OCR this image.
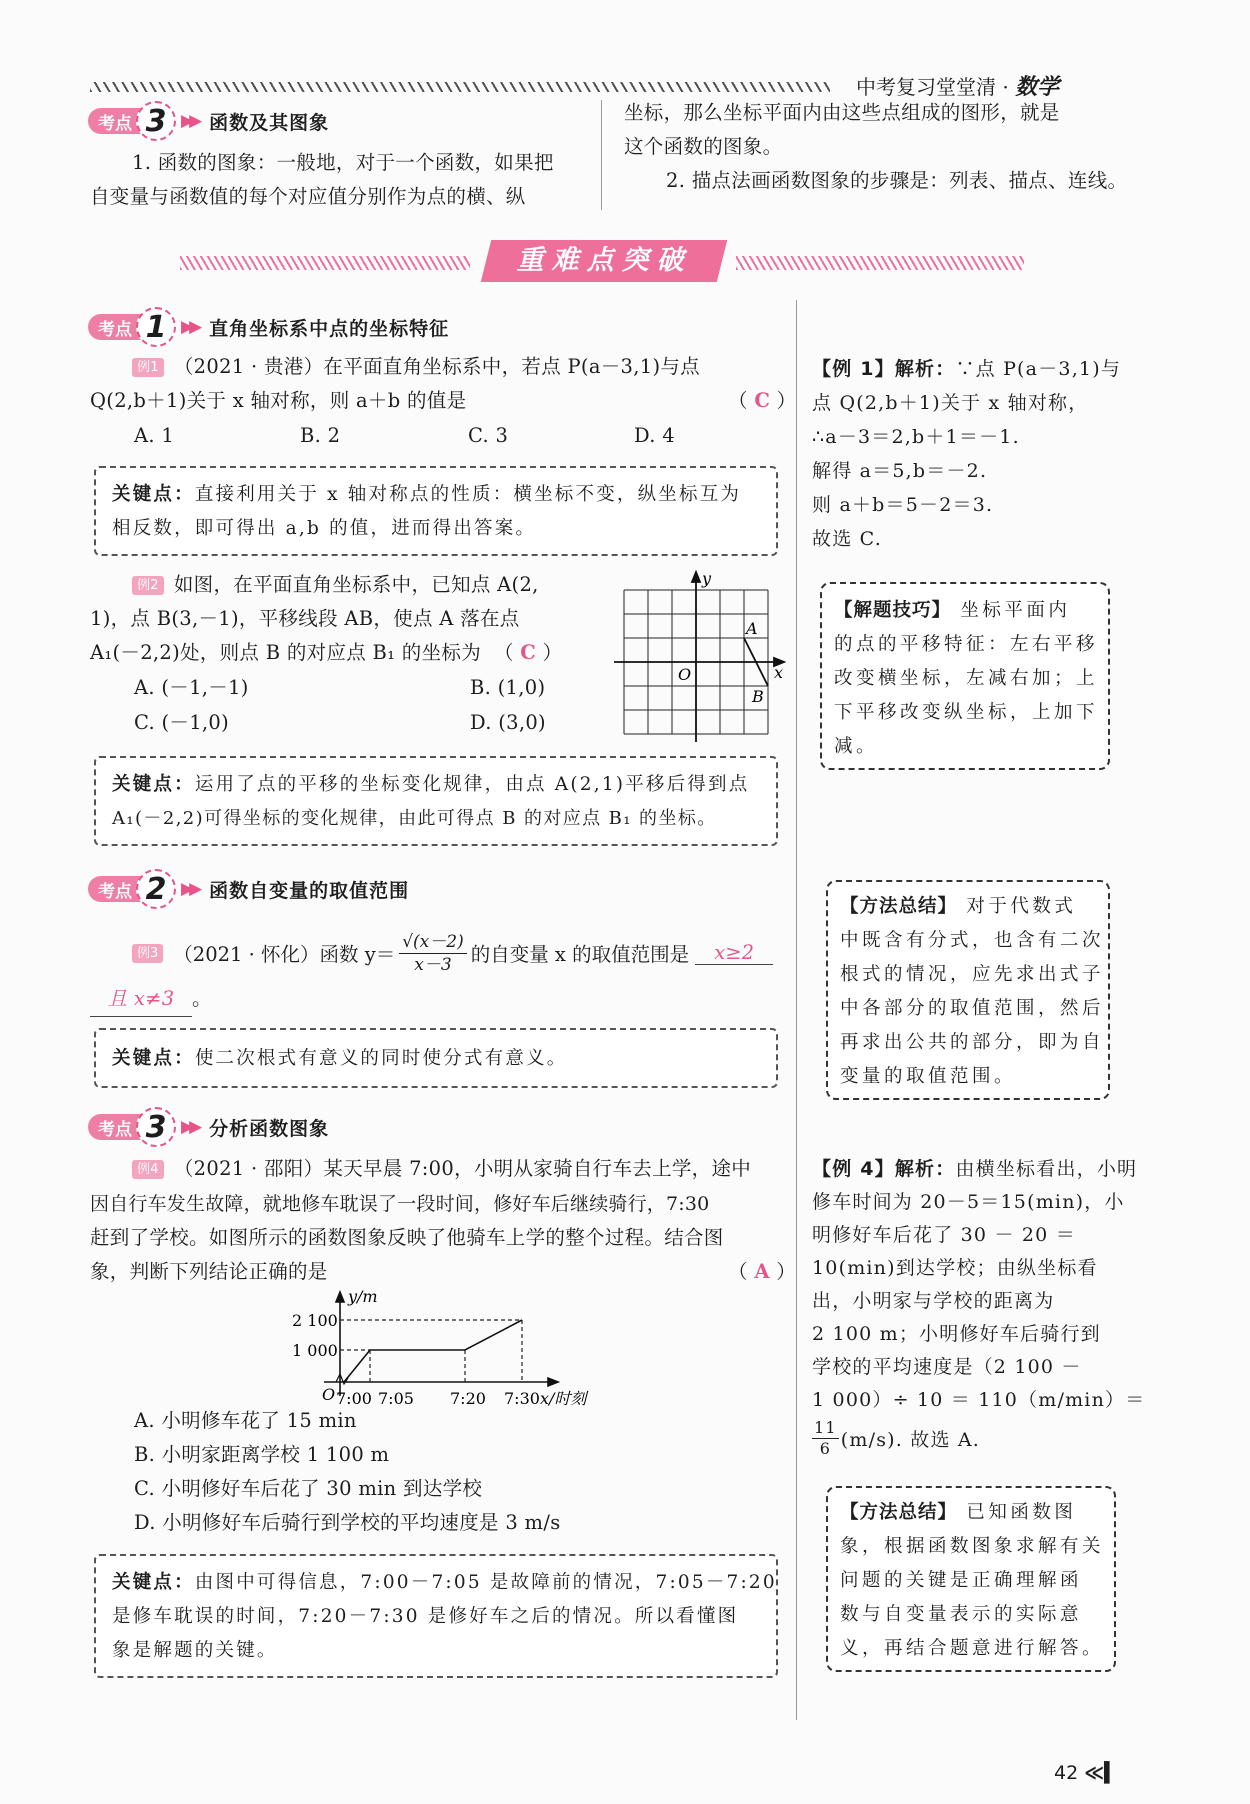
中考复习堂堂清 · 数学
考点 3 ▶▶ 函数及其图象
1. 函数的图象：一般地，对于一个函数，如果把
自变量与函数值的每个对应值分别作为点的横、纵
坐标，那么坐标平面内由这些点组成的图形，就是
这个函数的图象。
2. 描点法画函数图象的步骤是：列表、描点、连线。
重难点突破
考点 1 ▶▶ 直角坐标系中点的坐标特征
例1 （2021 · 贵港）在平面直角坐标系中，若点 P(a－3,1)与点
Q(2,b＋1)关于 x 轴对称，则 a＋b 的值是	（ C ）
A. 1	B. 2	C. 3	D. 4
关键点：直接利用关于 x 轴对称点的性质：横坐标不变，纵坐标互为
相反数，即可得出 a,b 的值，进而得出答案。
例2 如图，在平面直角坐标系中，已知点 A(2,
1)，点 B(3,－1)，平移线段 AB，使点 A 落在点
A₁(－2,2)处，则点 B 的对应点 B₁ 的坐标为  （ C ）
A. (－1,－1)	B. (1,0)
C. (－1,0)	D. (3,0)
y
x
O
A
B
关键点：运用了点的平移的坐标变化规律，由点 A(2,1)平移后得到点
A₁(－2,2)可得坐标的变化规律，由此可得点 B 的对应点 B₁ 的坐标。
考点 2 ▶▶ 函数自变量的取值范围
例3 （2021 · 怀化）函数 y＝
√(x－2)
x－3 的自变量 x 的取值范围是	x≥2
且 x≠3 。
关键点：使二次根式有意义的同时使分式有意义。
考点 3 ▶▶ 分析函数图象
例4 （2021 · 邵阳）某天早晨 7:00，小明从家骑自行车去上学，途中
因自行车发生故障，就地修车耽误了一段时间，修好车后继续骑行，7:30
赶到了学校。如图所示的函数图象反映了他骑车上学的整个过程。结合图
象，判断下列结论正确的是	（ A ）
y/m
2 100
1 000
O 7:00 7:05 7:20 7:30 x/时刻
A. 小明修车花了 15 min
B. 小明家距离学校 1 100 m
C. 小明修好车后花了 30 min 到达学校
D. 小明修好车后骑行到学校的平均速度是 3 m/s
关键点：由图中可得信息，7:00－7:05 是故障前的情况，7:05－7:20
是修车耽误的时间，7:20－7:30 是修好车之后的情况。所以看懂图
象是解题的关键。
【例 1】解析：∵点 P(a－3,1)与
点 Q(2,b＋1)关于 x 轴对称，
∴a－3＝2,b＋1＝－1.
解得 a＝5,b＝－2.
则 a＋b＝5－2＝3.
故选 C.
【解题技巧】 坐标平面内
的点的平移特征：左右平移
改变横坐标，左减右加；上
下平移改变纵坐标，上加下
减。
【方法总结】 对于代数式
中既含有分式，也含有二次
根式的情况，应先求出式子
中各部分的取值范围，然后
再求出公共的部分，即为自
变量的取值范围。
【例 4】解析：由横坐标看出，小明
修车时间为 20－5＝15(min)，小
明修好车后花了 30 － 20 ＝
10(min)到达学校；由纵坐标看
出，小明家与学校的距离为
2 100 m；小明修好车后骑行到
学校的平均速度是（2 100 －
1 000）÷ 10 ＝ 110（m/min）＝
11
6 (m/s). 故选 A.
【方法总结】 已知函数图
象，根据函数图象求解有关
问题的关键是正确理解函
数与自变量表示的实际意
义，再结合题意进行解答。
42 ≪▍
